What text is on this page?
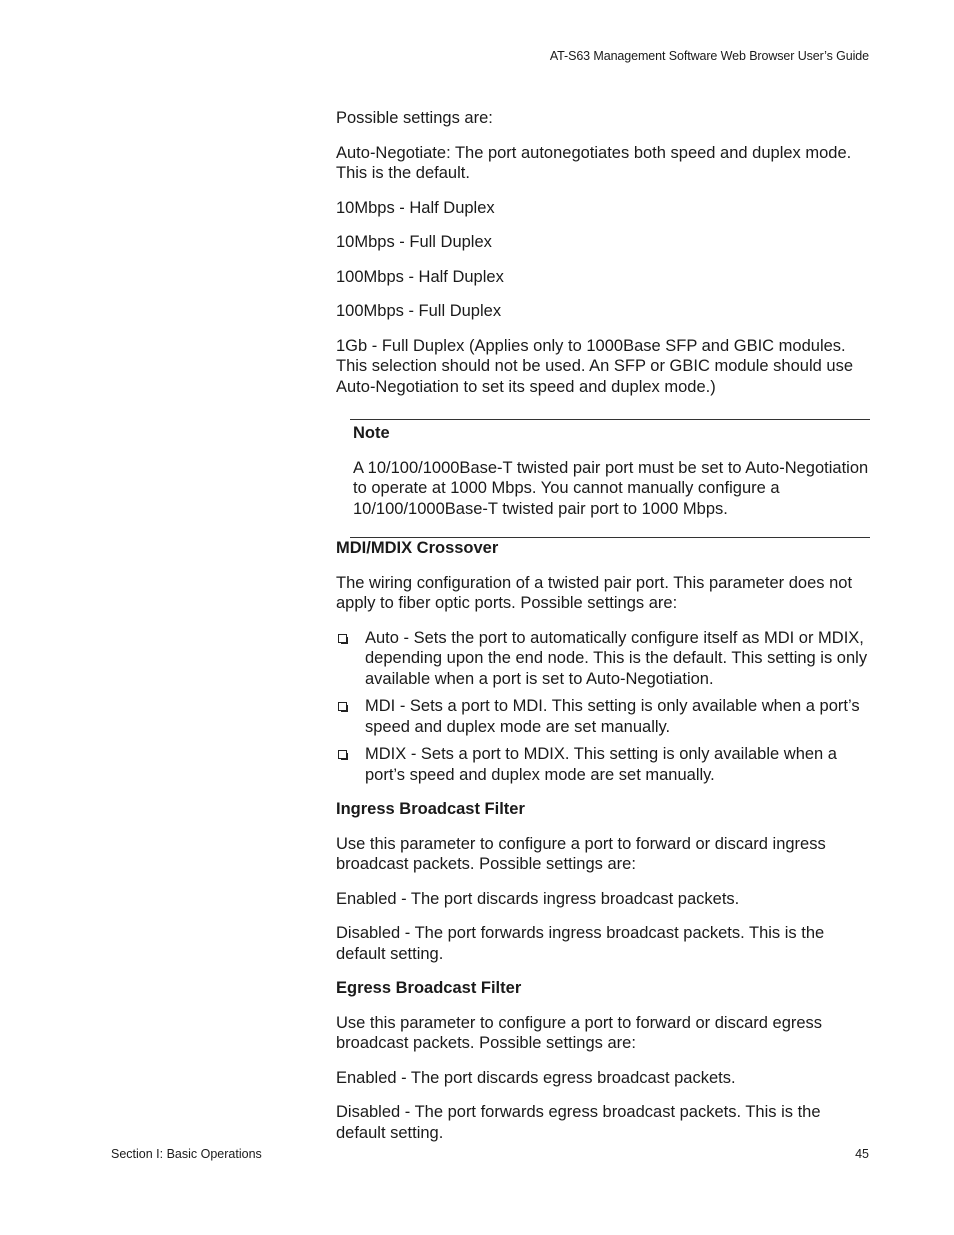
AT-S63 Management Software Web Browser User’s Guide

Possible settings are:

Auto-Negotiate: The port autonegotiates both speed and duplex mode. This is the default.

10Mbps - Half Duplex

10Mbps - Full Duplex

100Mbps - Half Duplex

100Mbps - Full Duplex

1Gb - Full Duplex (Applies only to 1000Base SFP and GBIC modules. This selection should not be used. An SFP or GBIC module should use Auto-Negotiation to set its speed and duplex mode.)

Note

A 10/100/1000Base-T twisted pair port must be set to Auto-Negotiation to operate at 1000 Mbps. You cannot manually configure a 10/100/1000Base-T twisted pair port to 1000 Mbps.

MDI/MDIX Crossover

The wiring configuration of a twisted pair port. This parameter does not apply to fiber optic ports. Possible settings are:

Auto - Sets the port to automatically configure itself as MDI or MDIX, depending upon the end node. This is the default. This setting is only available when a port is set to Auto-Negotiation.
MDI - Sets a port to MDI. This setting is only available when a port’s speed and duplex mode are set manually.
MDIX - Sets a port to MDIX. This setting is only available when a port’s speed and duplex mode are set manually.

Ingress Broadcast Filter

Use this parameter to configure a port to forward or discard ingress broadcast packets. Possible settings are:

Enabled - The port discards ingress broadcast packets.

Disabled - The port forwards ingress broadcast packets. This is the default setting.

Egress Broadcast Filter

Use this parameter to configure a port to forward or discard egress broadcast packets. Possible settings are:

Enabled - The port discards egress broadcast packets.

Disabled - The port forwards egress broadcast packets. This is the default setting.

Section I: Basic Operations	45
